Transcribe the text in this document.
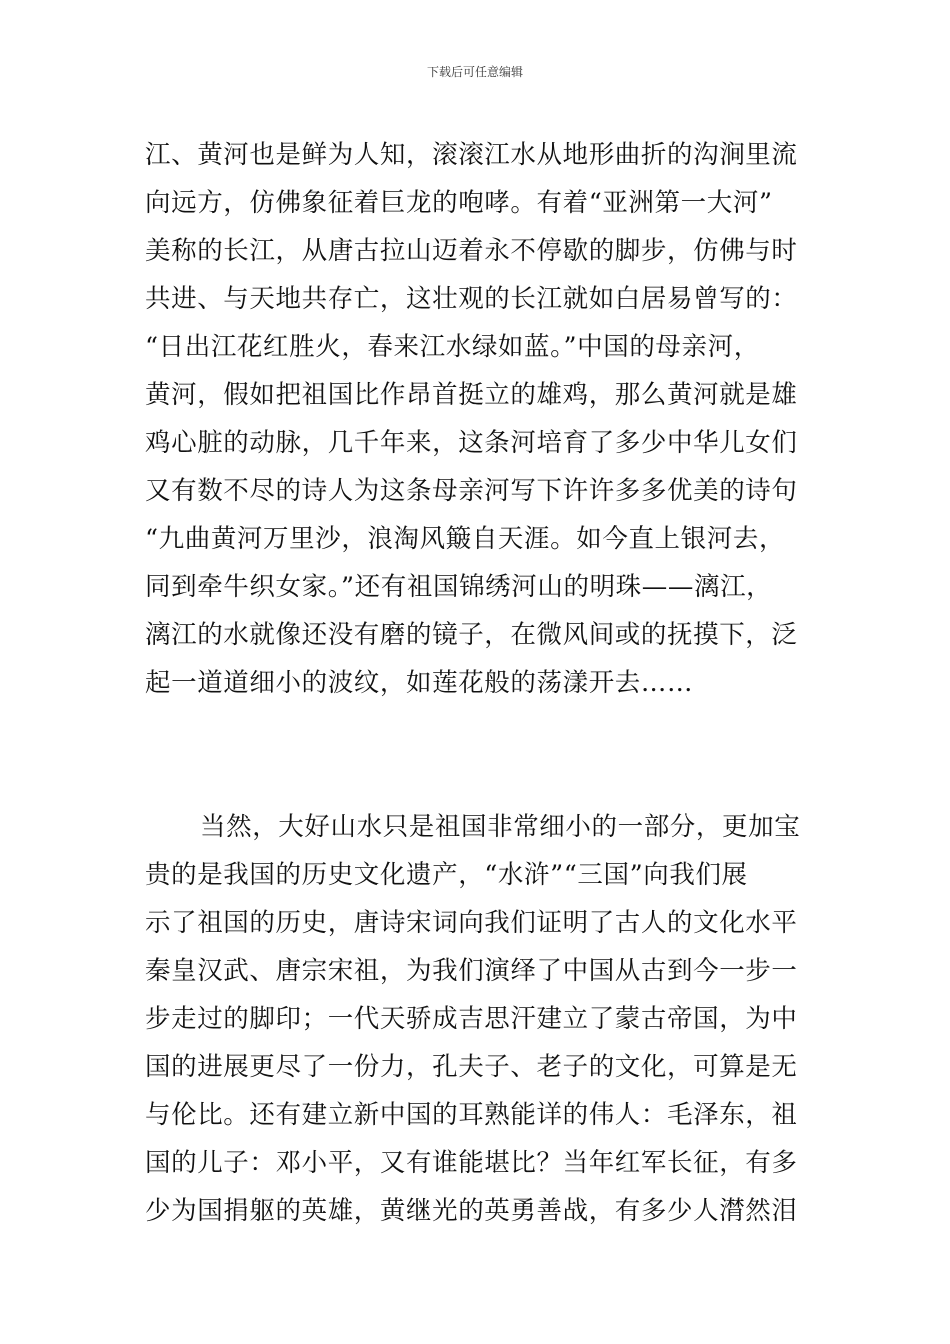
下载后可任意编辑
江、黄河也是鲜为人知，滚滚江水从地形曲折的沟涧里流
向远方，仿佛象征着巨龙的咆哮。有着“亚洲第一大河”
美称的长江，从唐古拉山迈着永不停歇的脚步，仿佛与时
共进、与天地共存亡，这壮观的长江就如白居易曾写的：
“日出江花红胜火，春来江水绿如蓝。”中国的母亲河，
黄河，假如把祖国比作昂首挺立的雄鸡，那么黄河就是雄
鸡心脏的动脉，几千年来，这条河培育了多少中华儿女们
又有数不尽的诗人为这条母亲河写下许许多多优美的诗句
“九曲黄河万里沙，浪淘风簸自天涯。如今直上银河去，
同到牵牛织女家。”还有祖国锦绣河山的明珠——漓江，
漓江的水就像还没有磨的镜子，在微风间或的抚摸下，泛
起一道道细小的波纹，如莲花般的荡漾开去……
当然，大好山水只是祖国非常细小的一部分，更加宝
贵的是我国的历史文化遗产，“水浒”“三国”向我们展
示了祖国的历史，唐诗宋词向我们证明了古人的文化水平
秦皇汉武、唐宗宋祖，为我们演绎了中国从古到今一步一
步走过的脚印；一代天骄成吉思汗建立了蒙古帝国，为中
国的进展更尽了一份力，孔夫子、老子的文化，可算是无
与伦比。还有建立新中国的耳熟能详的伟人：毛泽东，祖
国的儿子：邓小平，又有谁能堪比？当年红军长征，有多
少为国捐躯的英雄，黄继光的英勇善战，有多少人潸然泪
